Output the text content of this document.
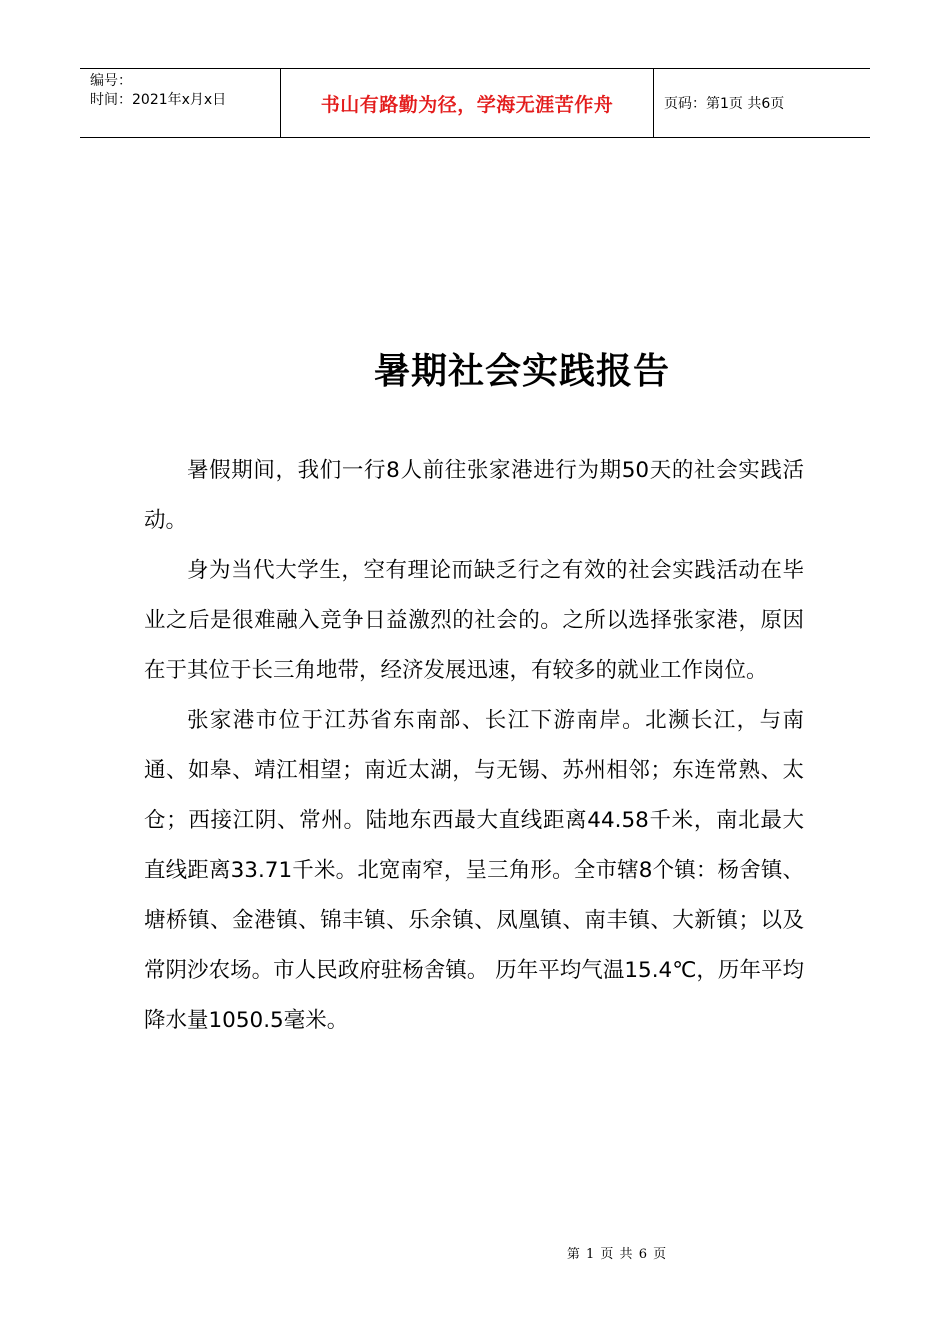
编号：
时间：2021年x月x日	书山有路勤为径，学海无涯苦作舟	页码：第1页 共6页
暑期社会实践报告

暑假期间，我们一行8人前往张家港进行为期50天的社会实践活动。

身为当代大学生，空有理论而缺乏行之有效的社会实践活动在毕业之后是很难融入竞争日益激烈的社会的。之所以选择张家港，原因在于其位于长三角地带，经济发展迅速，有较多的就业工作岗位。

张家港市位于江苏省东南部、长江下游南岸。北濒长江，与南通、如皋、靖江相望；南近太湖，与无锡、苏州相邻；东连常熟、太仓；西接江阴、常州。陆地东西最大直线距离44.58千米，南北最大直线距离33.71千米。北宽南窄，呈三角形。全市辖8个镇：杨舍镇、塘桥镇、金港镇、锦丰镇、乐余镇、凤凰镇、南丰镇、大新镇；以及常阴沙农场。市人民政府驻杨舍镇。 历年平均气温15.4℃，历年平均降水量1050.5毫米。

第 1 页 共 6 页
